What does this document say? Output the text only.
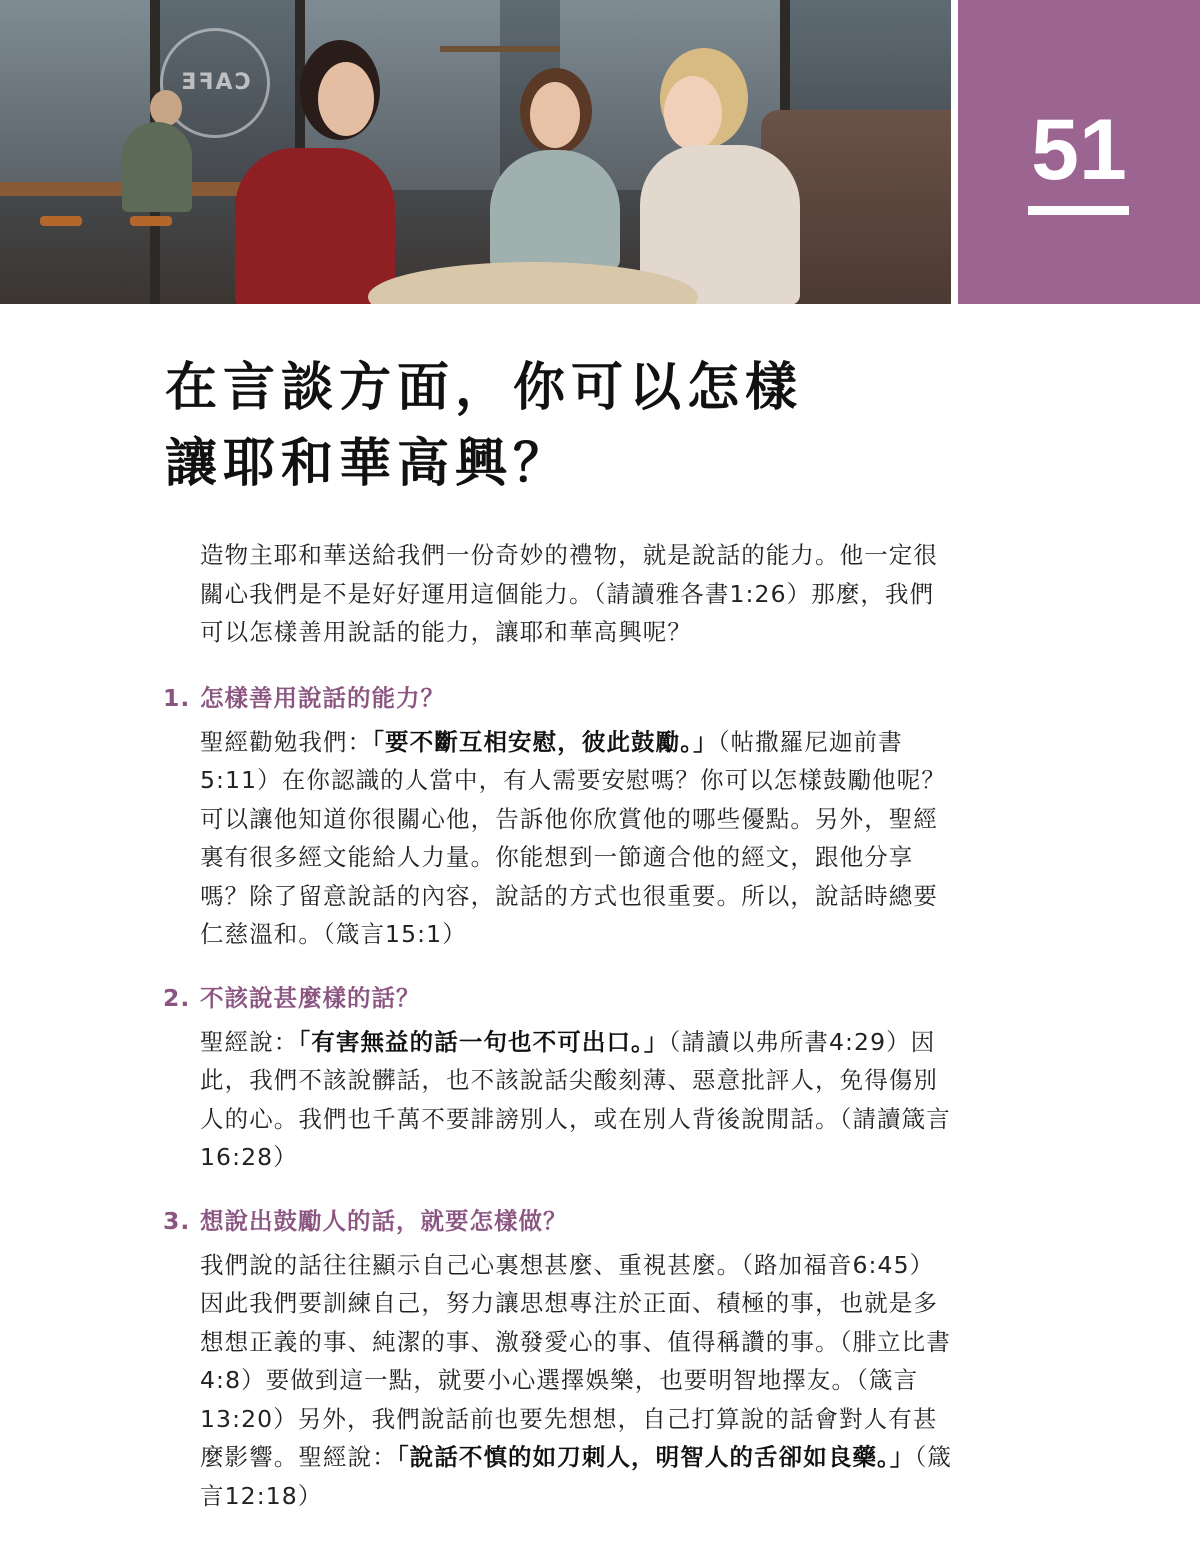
CAFE
51
在言談方面，你可以怎樣
讓耶和華高興？

造物主耶和華送給我們一份奇妙的禮物，就是說話的能力。他一定很關心我們是不是好好運用這個能力。（請讀雅各書1:26）那麼，我們可以怎樣善用說話的能力，讓耶和華高興呢？

1. 怎樣善用說話的能力？

聖經勸勉我們：「要不斷互相安慰，彼此鼓勵。」（帖撒羅尼迦前書5:11）在你認識的人當中，有人需要安慰嗎？你可以怎樣鼓勵他呢？可以讓他知道你很關心他，告訴他你欣賞他的哪些優點。另外，聖經裏有很多經文能給人力量。你能想到一節適合他的經文，跟他分享嗎？除了留意說話的內容，說話的方式也很重要。所以，說話時總要仁慈溫和。（箴言15:1）

2. 不該說甚麼樣的話？

聖經說：「有害無益的話一句也不可出口。」（請讀以弗所書4:29）因此，我們不該說髒話，也不該說話尖酸刻薄、惡意批評人，免得傷別人的心。我們也千萬不要誹謗別人，或在別人背後說閒話。（請讀箴言16:28）

3. 想說出鼓勵人的話，就要怎樣做？

我們說的話往往顯示自己心裏想甚麼、重視甚麼。（路加福音6:45）因此我們要訓練自己，努力讓思想專注於正面、積極的事，也就是多想想正義的事、純潔的事、激發愛心的事、值得稱讚的事。（腓立比書4:8）要做到這一點，就要小心選擇娛樂，也要明智地擇友。（箴言13:20）另外，我們說話前也要先想想，自己打算說的話會對人有甚麼影響。聖經說：「說話不慎的如刀刺人，明智人的舌卻如良藥。」（箴言12:18）
